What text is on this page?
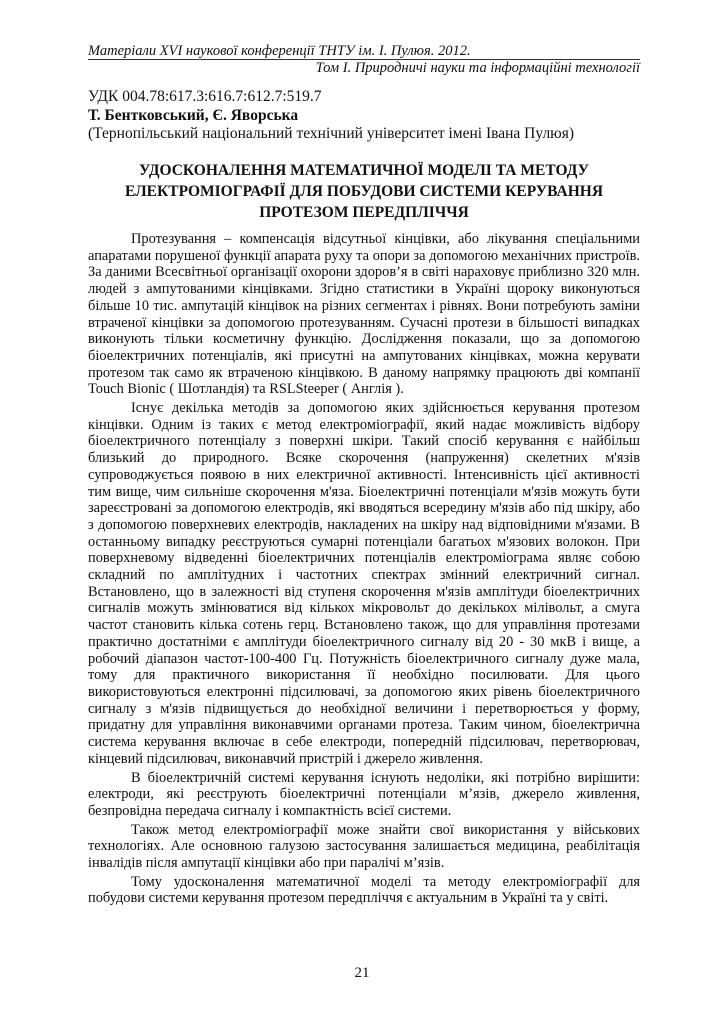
Матеріали XVI наукової конференції ТНТУ ім. І. Пулюя. 2012.
Том І. Природничі науки та інформаційні технології
УДК 004.78:617.3:616.7:612.7:519.7
Т. Бентковський, Є. Яворська
(Тернопільський національний технічний університет імені Івана Пулюя)
УДОСКОНАЛЕННЯ МАТЕМАТИЧНОЇ МОДЕЛІ ТА МЕТОДУ ЕЛЕКТРОМІОГРАФІЇ ДЛЯ ПОБУДОВИ СИСТЕМИ КЕРУВАННЯ ПРОТЕЗОМ ПЕРЕДПЛІЧЧЯ

Протезування – компенсація відсутньої кінцівки, або лікування спеціальними апаратами порушеної функції апарата руху та опори за допомогою механічних пристроїв. За даними Всесвітньої організації охорони здоров’я в світі нараховує приблизно 320 млн. людей з ампутованими кінцівками. Згідно статистики в Україні щороку виконуються більше 10 тис. ампутацій кінцівок на різних сегментах і рівнях. Вони потребують заміни втраченої кінцівки за допомогою протезуванням. Сучасні протези в більшості випадках виконують тільки косметичну функцію. Дослідження показали, що за допомогою біоелектричних потенціалів, які присутні на ампутованих кінцівках, можна керувати протезом так само як втраченою кінцівкою. В даному напрямку працюють дві компанії Touch Bionic ( Шотландія) та RSLSteeper ( Англія ).

Існує декілька методів за допомогою яких здійснюється керування протезом кінцівки. Одним із таких є метод електроміографії, який надає можливість відбору біоелектричного потенціалу з поверхні шкіри. Такий спосіб керування є найбільш близький до природного. Всяке скорочення (напруження) скелетних м'язів супроводжується появою в них електричної активності. Інтенсивність цієї активності тим вище, чим сильніше скорочення м'яза. Біоелектричні потенціали м'язів можуть бути зареєстровані за допомогою електродів, які вводяться всередину м'язів або під шкіру, або з допомогою поверхневих електродів, накладених на шкіру над відповідними м'язами. В останньому випадку реєструються сумарні потенціали багатьох м'язових волокон. При поверхневому відведенні біоелектричних потенціалів електроміограма являє собою складний по амплітудних і частотних спектрах змінний електричний сигнал. Встановлено, що в залежності від ступеня скорочення м'язів амплітуди біоелектричних сигналів можуть змінюватися від кількох мікровольт до декількох мілівольт, а смуга частот становить кілька сотень герц. Встановлено також, що для управління протезами практично достатніми є амплітуди біоелектричного сигналу від 20 - 30 мкВ і вище, а робочий діапазон частот-100-400 Гц. Потужність біоелектричного сигналу дуже мала, тому для практичного використання її необхідно посилювати. Для цього використовуються електронні підсилювачі, за допомогою яких рівень біоелектричного сигналу з м'язів підвищується до необхідної величини і перетворюється у форму, придатну для управління виконавчими органами протеза. Таким чином, біоелектрична система керування включає в себе електроди, попередній підсилювач, перетворювач, кінцевий підсилювач, виконавчий пристрій і джерело живлення.

В біоелектричній системі керування існують недоліки, які потрібно вирішити: електроди, які реєструють біоелектричні потенціали м’язів, джерело живлення, безпровідна передача сигналу і компактність всієї системи.

Також метод електроміографії може знайти свої використання у військових технологіях. Але основною галузою застосування залишається медицина, реабілітація інвалідів після ампутації кінцівки або при паралічі м’язів.

Тому удосконалення математичної моделі та методу електроміографії для побудови системи керування протезом передпліччя є актуальним в Україні та у світі.

21
